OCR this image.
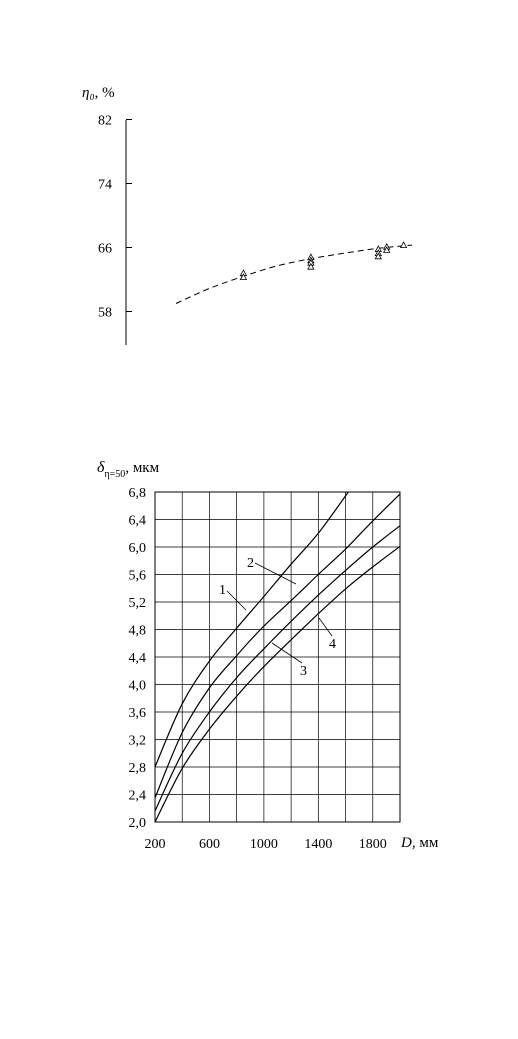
η₀, %
82
74
66
58
$\delta_{\eta=50}$, мкм
2,0
2,4
2,8
3,2
3,6
4,0
4,4
4,8
5,2
5,6
6,0
6,4
6,8
200 600 1000 1400 1800 D, мм
1
2
3
4
